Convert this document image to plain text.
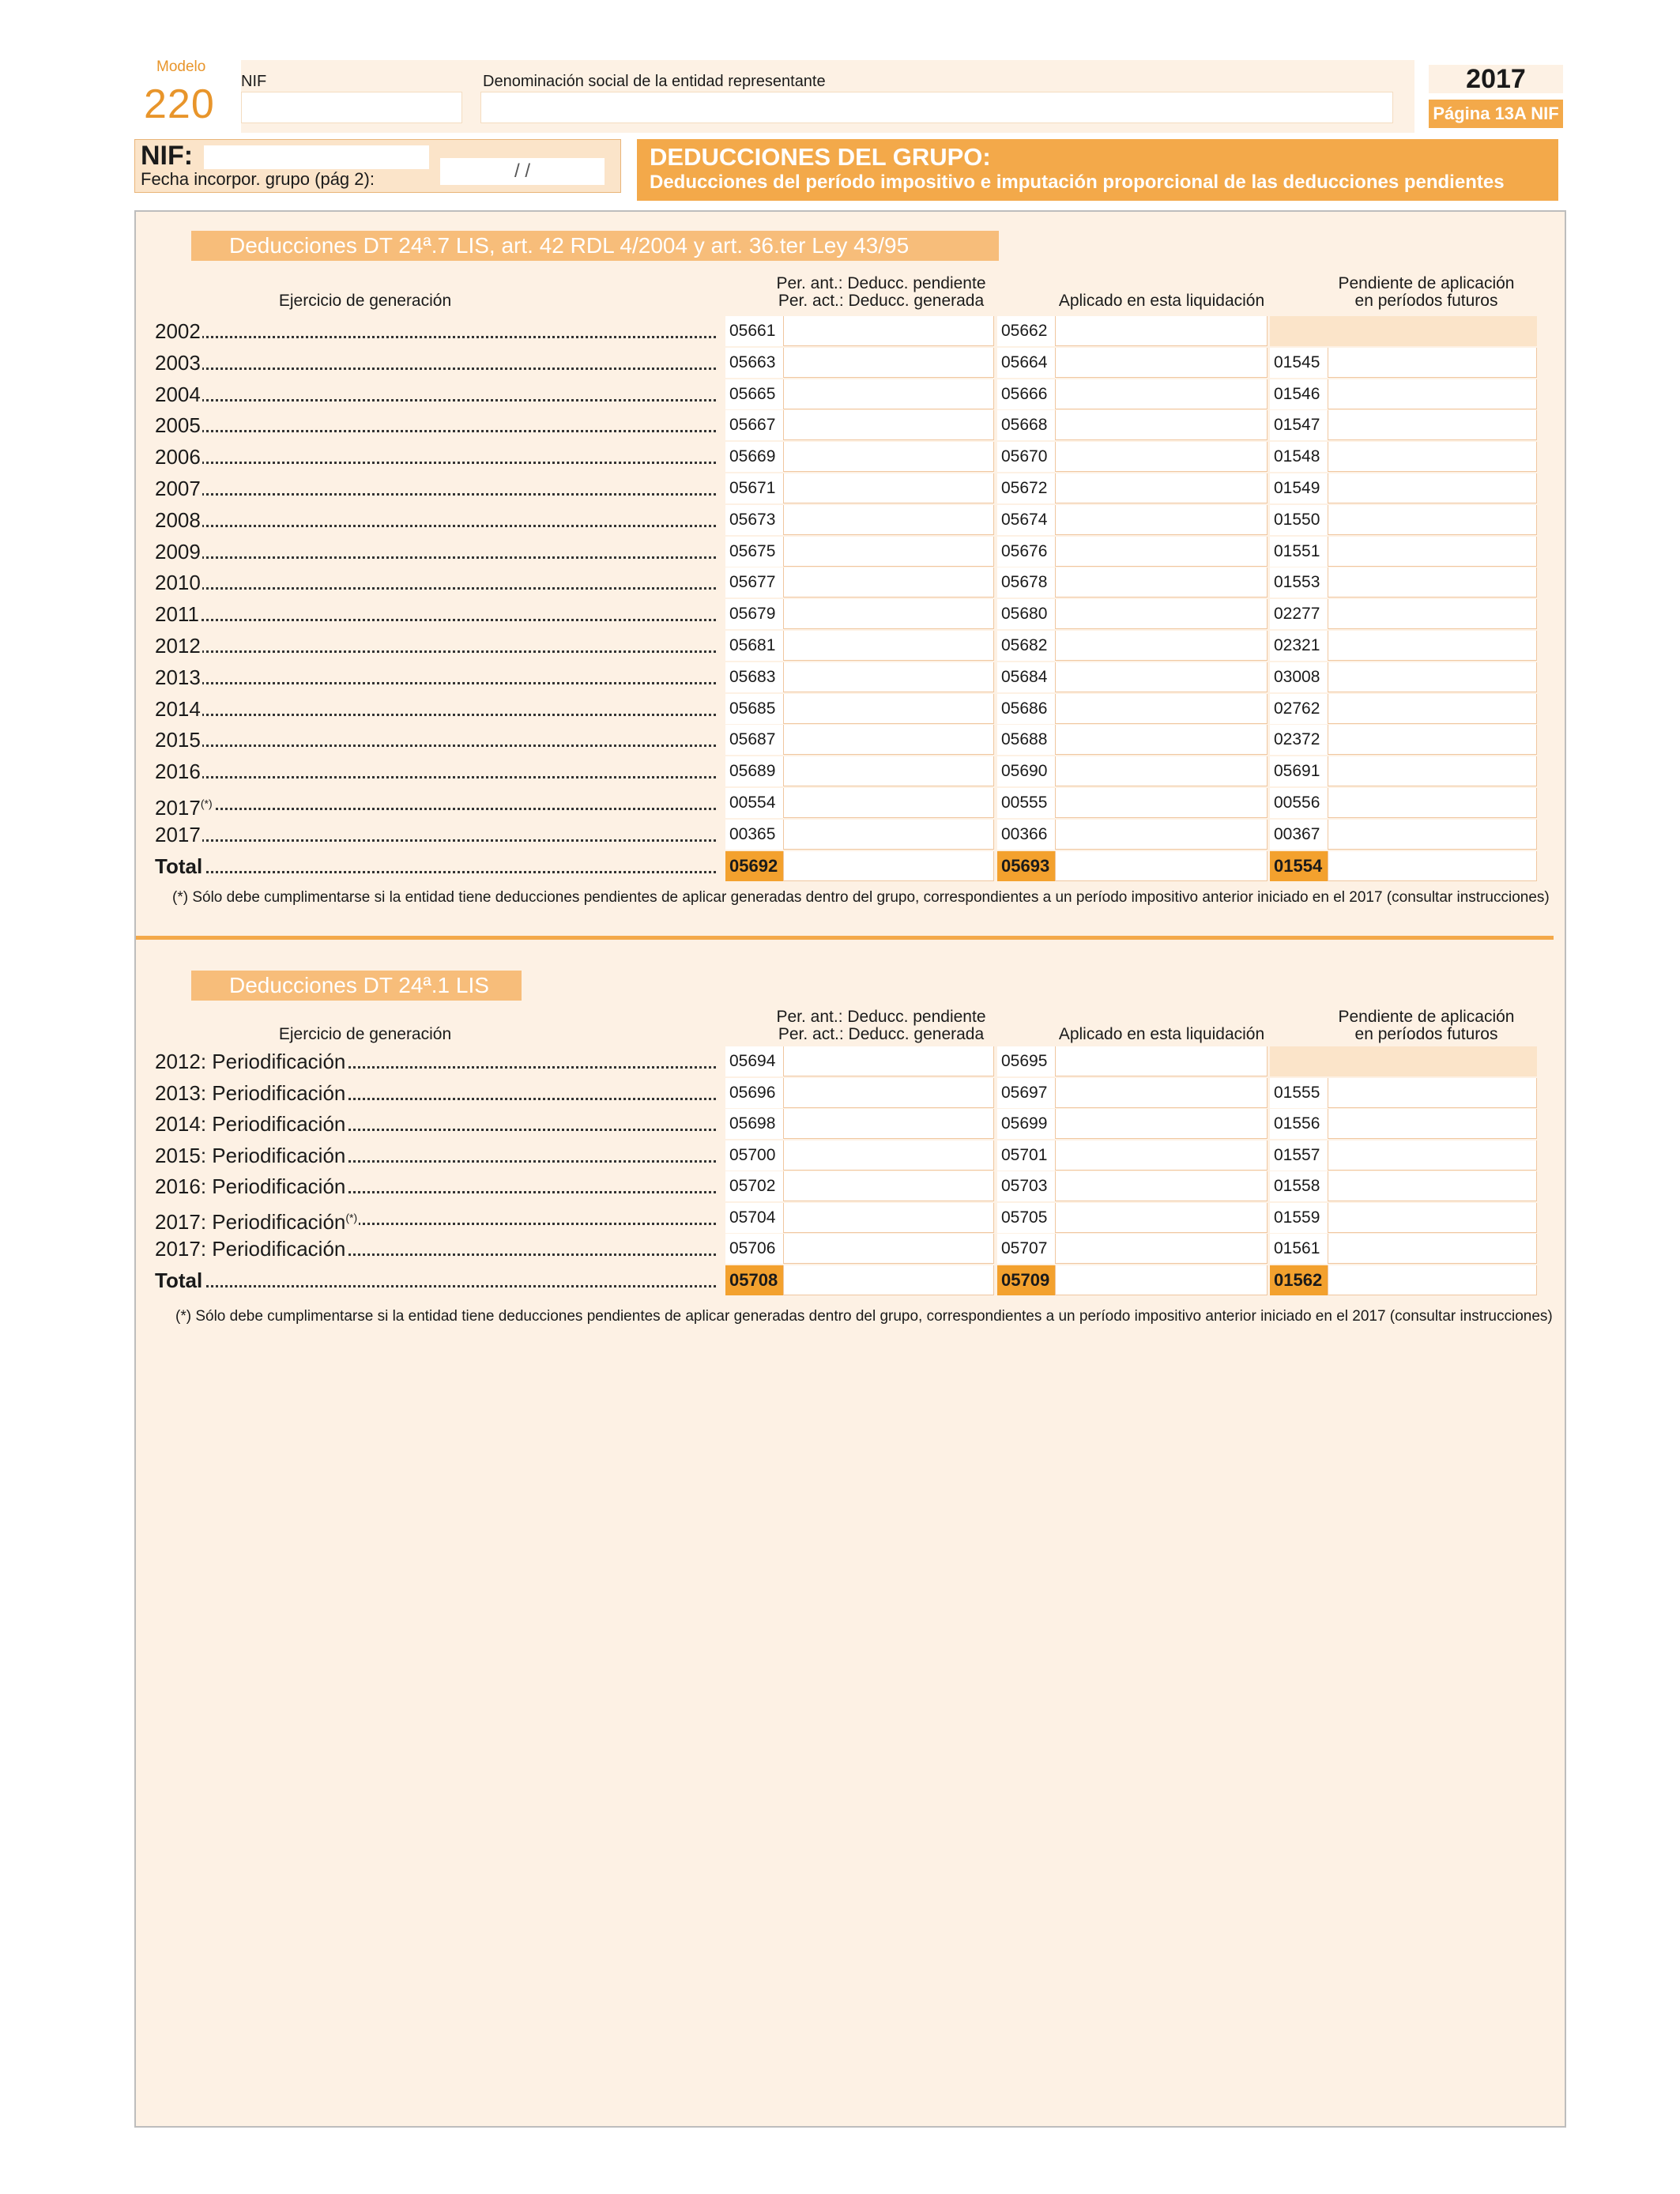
Modelo
220 NIF	Denominación social de la entidad representante	2017
Página 13A NIF
NIF:
Fecha incorpor. grupo (pág 2):	/ /
DEDUCCIONES DEL GRUPO:
Deducciones del período impositivo e imputación proporcional de las deducciones pendientes
Deducciones DT 24ª.7 LIS, art. 42 RDL 4/2004 y art. 36.ter Ley 43/95
Ejercicio de generación
Per. ant.: Deducc. pendiente
Per. act.: Deducc. generada	Aplicado en esta liquidación
Pendiente de aplicación
en períodos futuros
2002	05661	05662
2003	05663	05664	01545
2004	05665	05666	01546
2005	05667	05668	01547
2006	05669	05670	01548
2007	05671	05672	01549
2008	05673	05674	01550
2009	05675	05676	01551
2010	05677	05678	01553
2011	05679	05680	02277
2012	05681	05682	02321
2013	05683	05684	03008
2014	05685	05686	02762
2015	05687	05688	02372
2016	05689	05690	05691
2017(*)	00554	00555	00556
2017	00365	00366	00367
Total	05692	05693	01554
(*) Sólo debe cumplimentarse si la entidad tiene deducciones pendientes de aplicar generadas dentro del grupo, correspondientes a un período impositivo anterior iniciado en el 2017 (consultar instrucciones)
Deducciones DT 24ª.1 LIS
Ejercicio de generación
Per. ant.: Deducc. pendiente
Per. act.: Deducc. generada	Aplicado en esta liquidación
Pendiente de aplicación
en períodos futuros
2012: Periodificación	05694	05695
2013: Periodificación	05696	05697	01555
2014: Periodificación	05698	05699	01556
2015: Periodificación	05700	05701	01557
2016: Periodificación	05702	05703	01558
2017: Periodificación(*)	05704	05705	01559
2017: Periodificación	05706	05707	01561
Total	05708	05709	01562
(*) Sólo debe cumplimentarse si la entidad tiene deducciones pendientes de aplicar generadas dentro del grupo, correspondientes a un período impositivo anterior iniciado en el 2017 (consultar instrucciones)
